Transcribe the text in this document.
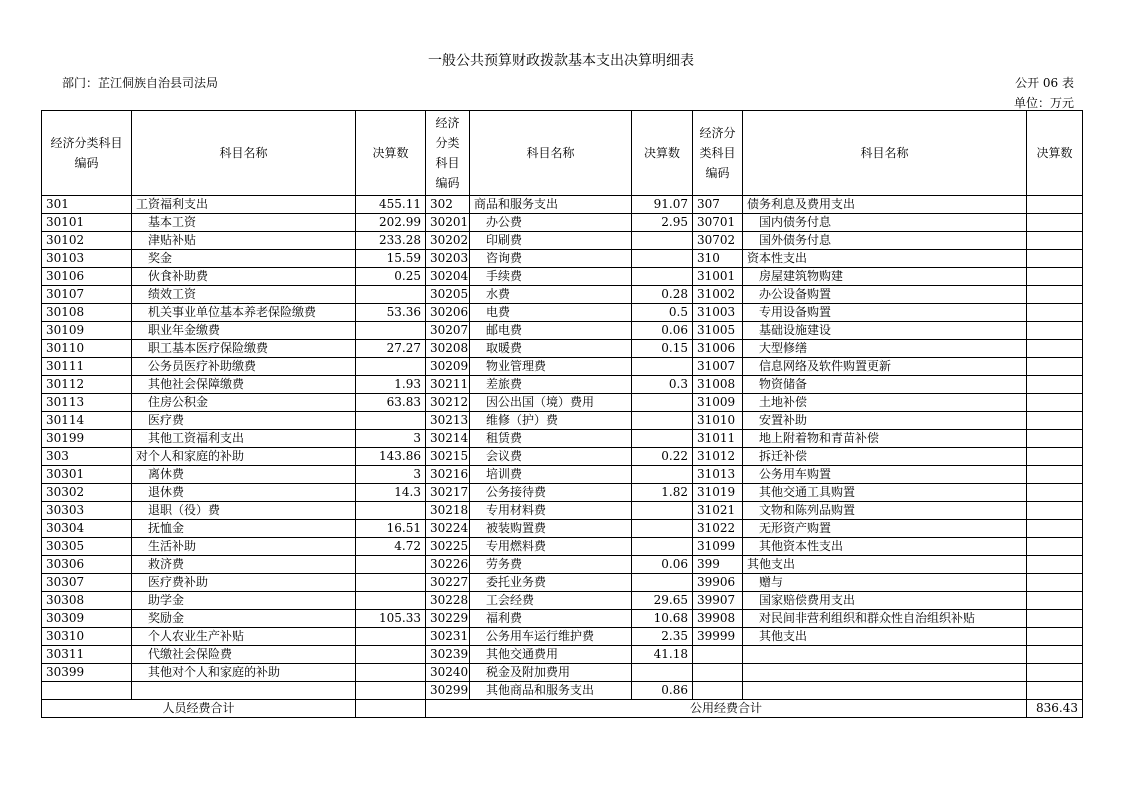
一般公共预算财政拨款基本支出决算明细表
部门：芷江侗族自治县司法局	公开 06 表
单位：万元
经济分类科目编码	科目名称	决算数	经济分类科目编码	科目名称	决算数	经济分类科目编码	科目名称	决算数
301	工资福利支出	455.11	302	商品和服务支出	91.07	307	债务利息及费用支出	
30101	基本工资	202.99	30201	办公费	2.95	30701	国内债务付息	
30102	津贴补贴	233.28	30202	印刷费		30702	国外债务付息	
30103	奖金	15.59	30203	咨询费		310	资本性支出	
30106	伙食补助费	0.25	30204	手续费		31001	房屋建筑物购建	
30107	绩效工资		30205	水费	0.28	31002	办公设备购置	
30108	机关事业单位基本养老保险缴费	53.36	30206	电费	0.5	31003	专用设备购置	
30109	职业年金缴费		30207	邮电费	0.06	31005	基础设施建设	
30110	职工基本医疗保险缴费	27.27	30208	取暖费	0.15	31006	大型修缮	
30111	公务员医疗补助缴费		30209	物业管理费		31007	信息网络及软件购置更新	
30112	其他社会保障缴费	1.93	30211	差旅费	0.3	31008	物资储备	
30113	住房公积金	63.83	30212	因公出国（境）费用		31009	土地补偿	
30114	医疗费		30213	维修（护）费		31010	安置补助	
30199	其他工资福利支出	3	30214	租赁费		31011	地上附着物和青苗补偿	
303	对个人和家庭的补助	143.86	30215	会议费	0.22	31012	拆迁补偿	
30301	离休费	3	30216	培训费		31013	公务用车购置	
30302	退休费	14.3	30217	公务接待费	1.82	31019	其他交通工具购置	
30303	退职（役）费		30218	专用材料费		31021	文物和陈列品购置	
30304	抚恤金	16.51	30224	被装购置费		31022	无形资产购置	
30305	生活补助	4.72	30225	专用燃料费		31099	其他资本性支出	
30306	救济费		30226	劳务费	0.06	399	其他支出	
30307	医疗费补助		30227	委托业务费		39906	赠与	
30308	助学金		30228	工会经费	29.65	39907	国家赔偿费用支出	
30309	奖励金	105.33	30229	福利费	10.68	39908	对民间非营利组织和群众性自治组织补贴	
30310	个人农业生产补贴		30231	公务用车运行维护费	2.35	39999	其他支出	
30311	代缴社会保险费		30239	其他交通费用	41.18			
30399	其他对个人和家庭的补助		30240	税金及附加费用				
			30299	其他商品和服务支出	0.86			
人员经费合计			公用经费合计					836.43
